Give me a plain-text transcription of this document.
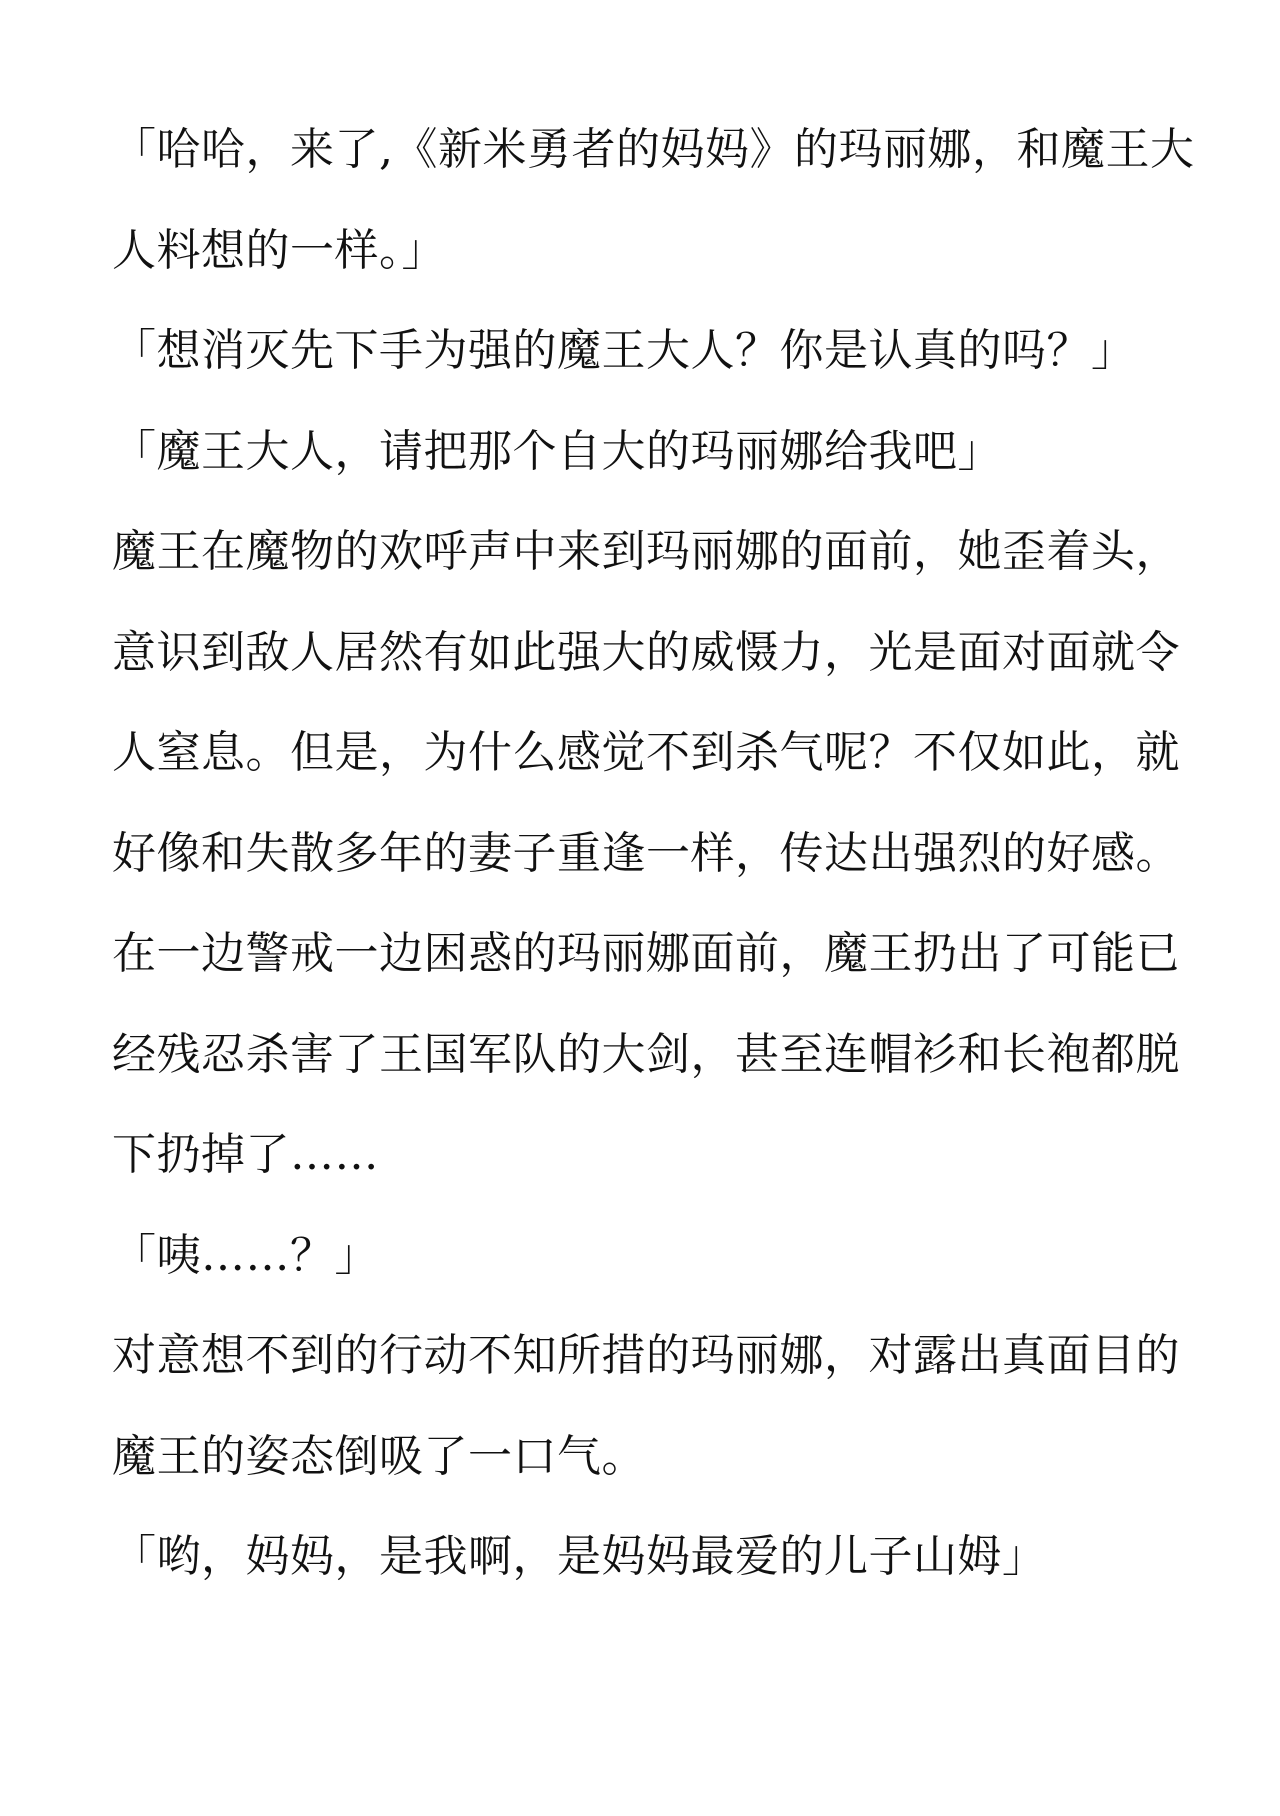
「哈哈，来了,《新米勇者的妈妈》的玛丽娜，和魔王大
人料想的一样。」
「想消灭先下手为强的魔王大人？你是认真的吗？」
「魔王大人，请把那个自大的玛丽娜给我吧」
魔王在魔物的欢呼声中来到玛丽娜的面前，她歪着头，
意识到敌人居然有如此强大的威慑力，光是面对面就令
人窒息。但是，为什么感觉不到杀气呢？不仅如此，就
好像和失散多年的妻子重逢一样，传达出强烈的好感。
在一边警戒一边困惑的玛丽娜面前，魔王扔出了可能已
经残忍杀害了王国军队的大剑，甚至连帽衫和长袍都脱
下扔掉了……
「咦……？」
对意想不到的行动不知所措的玛丽娜，对露出真面目的
魔王的姿态倒吸了一口气。
「哟，妈妈，是我啊，是妈妈最爱的儿子山姆」
